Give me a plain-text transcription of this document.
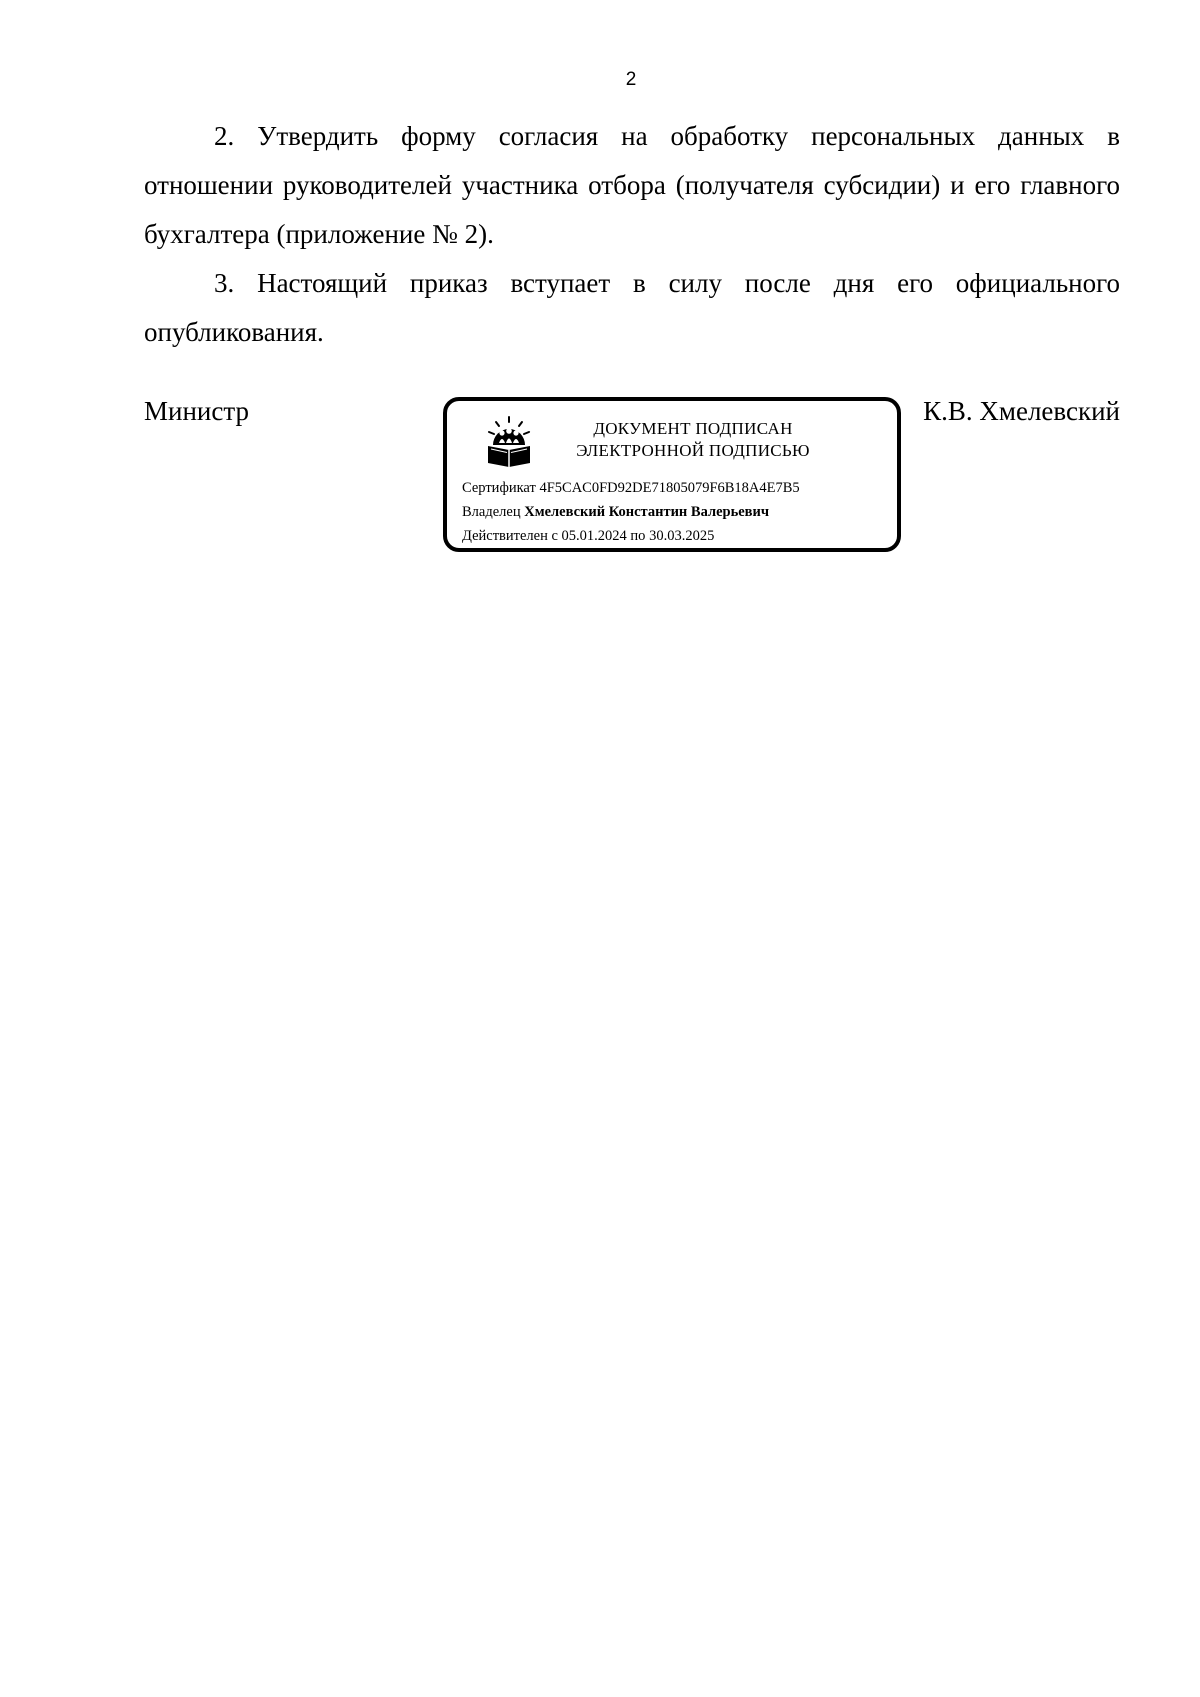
2

2. Утвердить форму согласия на обработку персональных данных в отношении руководителей участника отбора (получателя субсидии) и его главного бухгалтера (приложение № 2).

3. Настоящий приказ вступает в силу после дня его официального опубликования.

Министр	К.В. Хмелевский
ДОКУМЕНТ ПОДПИСАН
ЭЛЕКТРОННОЙ ПОДПИСЬЮ
Сертификат 4F5CAC0FD92DE71805079F6B18A4E7B5
Владелец Хмелевский Константин Валерьевич
Действителен с 05.01.2024 по 30.03.2025
